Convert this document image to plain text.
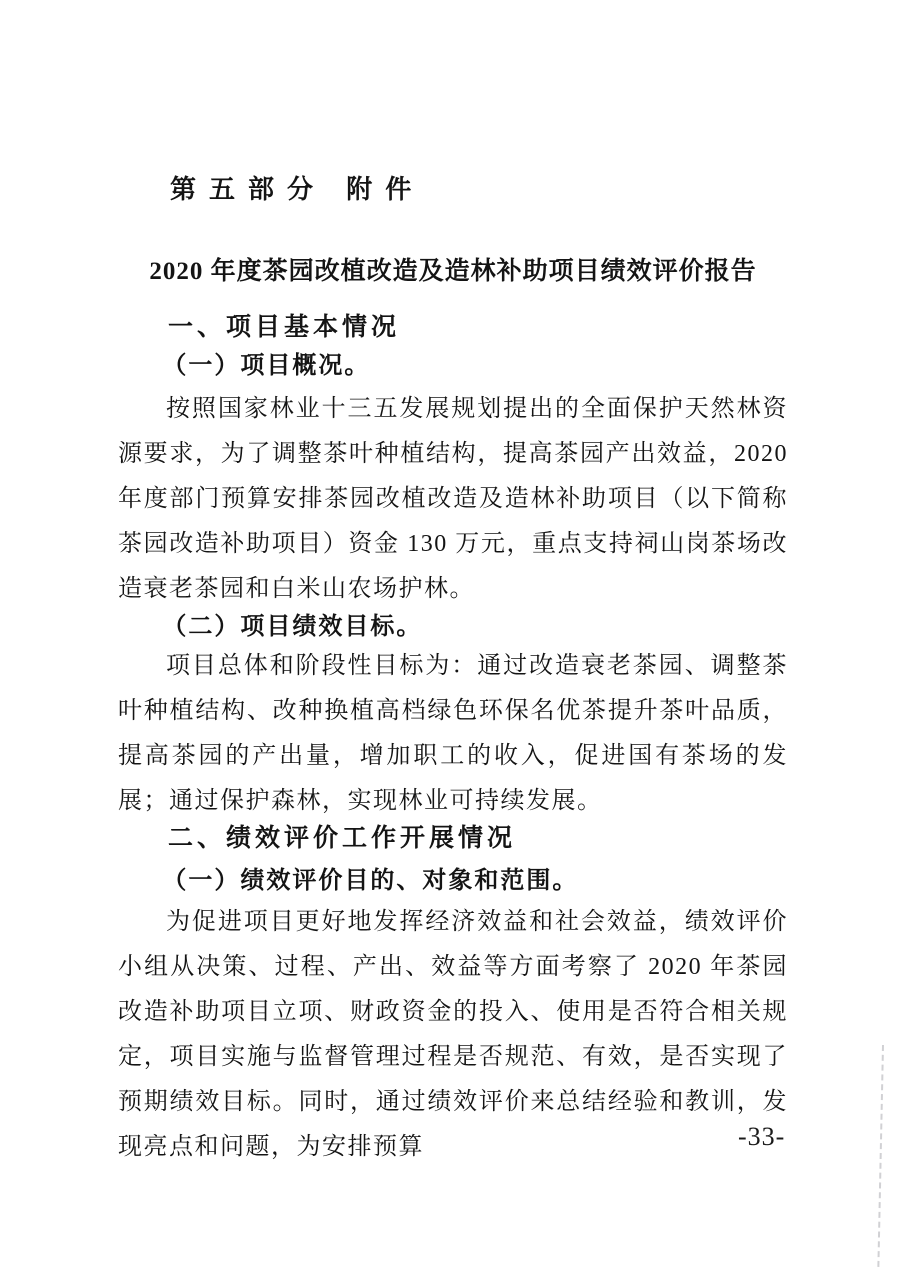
第五部分 附件
2020 年度茶园改植改造及造林补助项目绩效评价报告
一、项目基本情况
（一）项目概况。

按照国家林业十三五发展规划提出的全面保护天然林资源要求，为了调整茶叶种植结构，提高茶园产出效益，2020 年度部门预算安排茶园改植改造及造林补助项目（以下简称茶园改造补助项目）资金 130 万元，重点支持祠山岗茶场改造衰老茶园和白米山农场护林。

（二）项目绩效目标。

项目总体和阶段性目标为：通过改造衰老茶园、调整茶叶种植结构、改种换植高档绿色环保名优茶提升茶叶品质，提高茶园的产出量，增加职工的收入，促进国有茶场的发展；通过保护森林，实现林业可持续发展。

二、绩效评价工作开展情况
（一）绩效评价目的、对象和范围。

为促进项目更好地发挥经济效益和社会效益，绩效评价小组从决策、过程、产出、效益等方面考察了 2020 年茶园改造补助项目立项、财政资金的投入、使用是否符合相关规定，项目实施与监督管理过程是否规范、有效，是否实现了预期绩效目标。同时，通过绩效评价来总结经验和教训，发现亮点和问题，为安排预算	-33-
